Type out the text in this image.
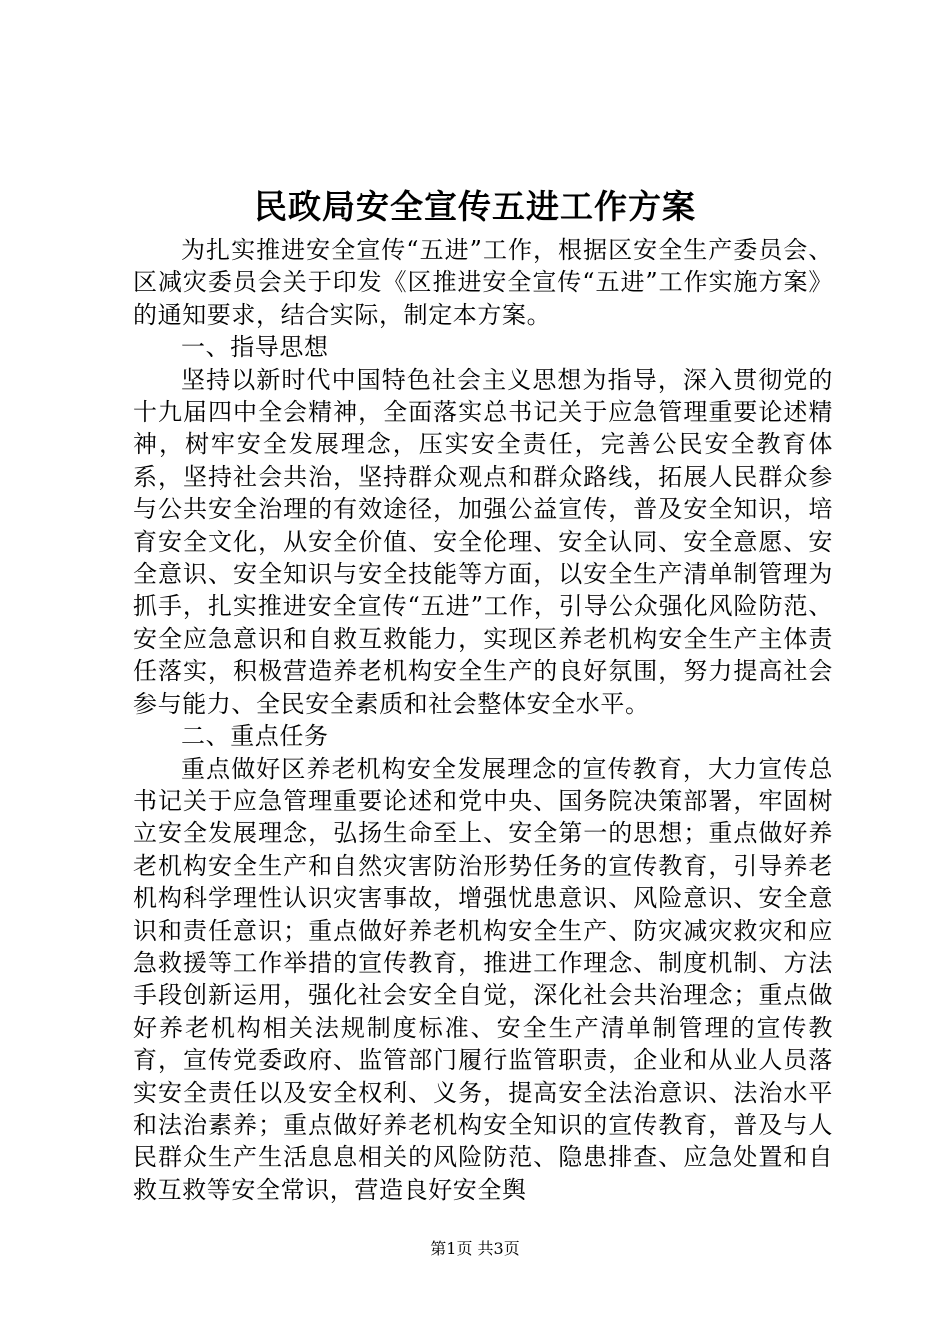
民政局安全宣传五进工作方案

为扎实推进安全宣传“五进”工作，根据区安全生产委员会、区减灾委员会关于印发《区推进安全宣传“五进”工作实施方案》的通知要求，结合实际，制定本方案。

一、指导思想

坚持以新时代中国特色社会主义思想为指导，深入贯彻党的十九届四中全会精神，全面落实总书记关于应急管理重要论述精神，树牢安全发展理念，压实安全责任，完善公民安全教育体系，坚持社会共治，坚持群众观点和群众路线，拓展人民群众参与公共安全治理的有效途径，加强公益宣传，普及安全知识，培育安全文化，从安全价值、安全伦理、安全认同、安全意愿、安全意识、安全知识与安全技能等方面，以安全生产清单制管理为抓手，扎实推进安全宣传“五进”工作，引导公众强化风险防范、安全应急意识和自救互救能力，实现区养老机构安全生产主体责任落实，积极营造养老机构安全生产的良好氛围，努力提高社会参与能力、全民安全素质和社会整体安全水平。

二、重点任务

重点做好区养老机构安全发展理念的宣传教育，大力宣传总书记关于应急管理重要论述和党中央、国务院决策部署，牢固树立安全发展理念，弘扬生命至上、安全第一的思想；重点做好养老机构安全生产和自然灾害防治形势任务的宣传教育，引导养老机构科学理性认识灾害事故，增强忧患意识、风险意识、安全意识和责任意识；重点做好养老机构安全生产、防灾减灾救灾和应急救援等工作举措的宣传教育，推进工作理念、制度机制、方法手段创新运用，强化社会安全自觉，深化社会共治理念；重点做好养老机构相关法规制度标准、安全生产清单制管理的宣传教育，宣传党委政府、监管部门履行监管职责，企业和从业人员落实安全责任以及安全权利、义务，提高安全法治意识、法治水平和法治素养；重点做好养老机构安全知识的宣传教育，普及与人民群众生产生活息息相关的风险防范、隐患排查、应急处置和自救互救等安全常识，营造良好安全舆

第1页 共3页
